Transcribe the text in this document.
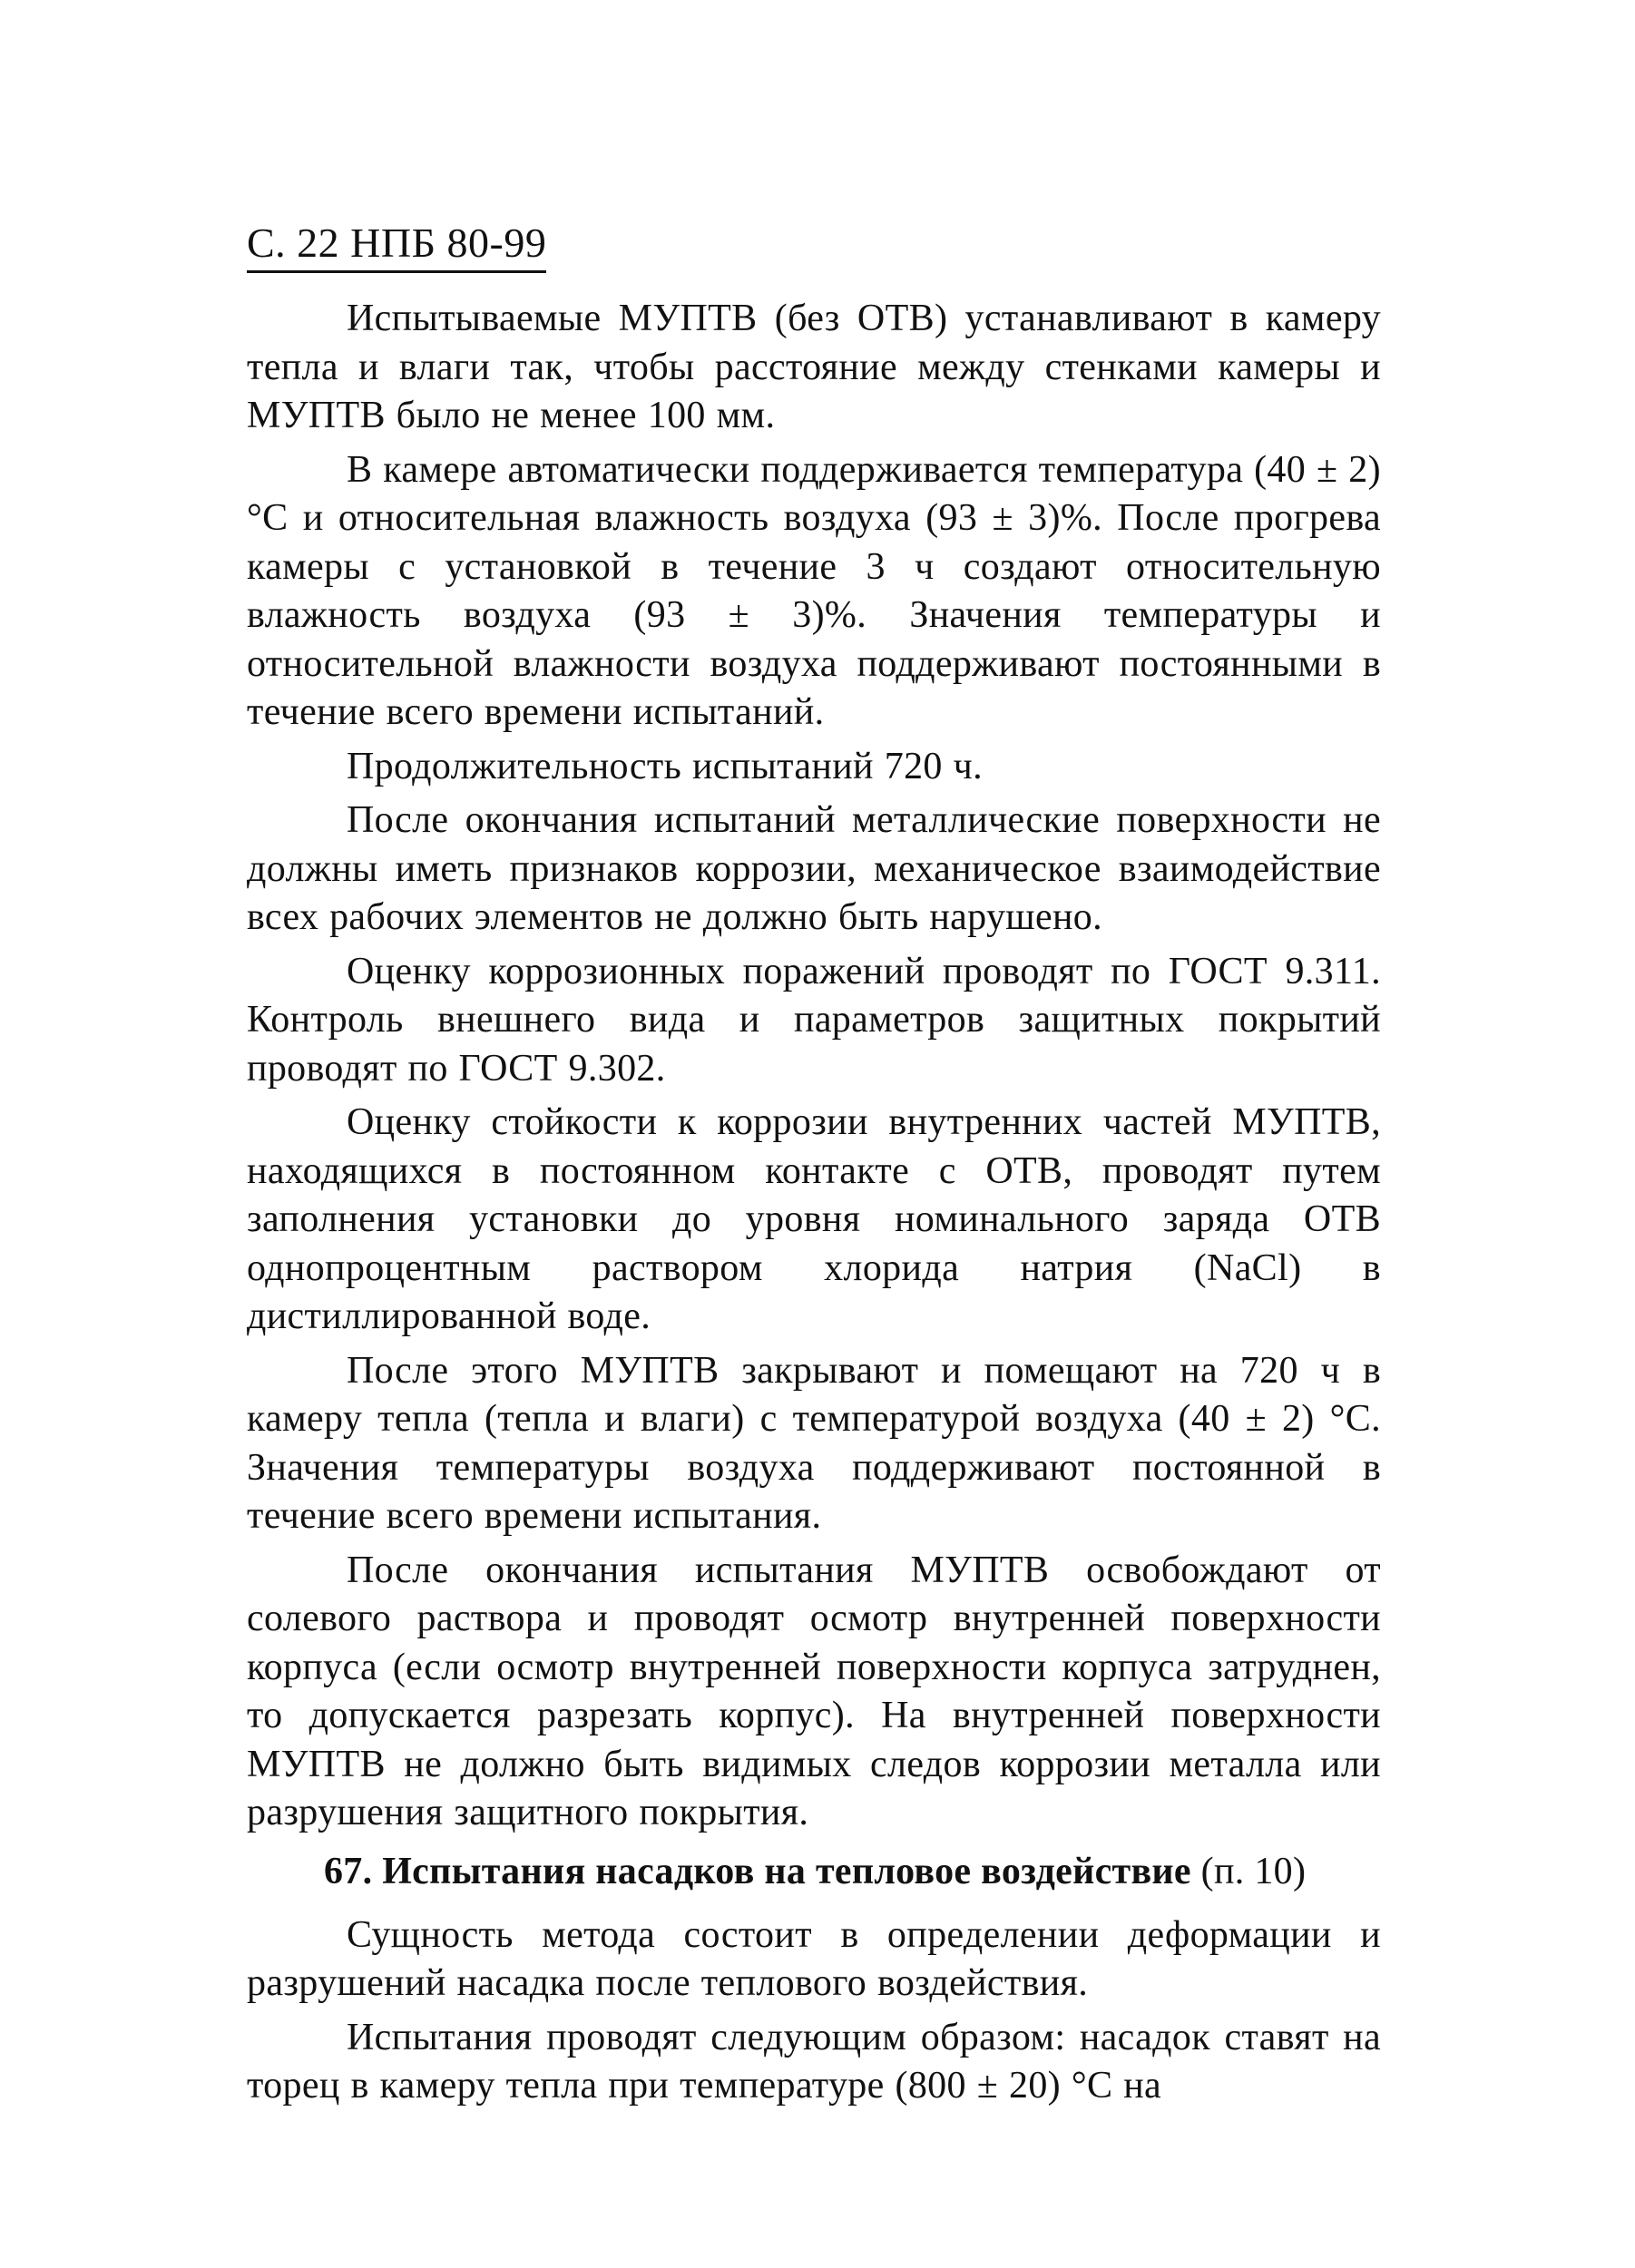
С. 22 НПБ 80-99

Испытываемые МУПТВ (без ОТВ) устанавливают в камеру тепла и влаги так, чтобы расстояние между стенками камеры и МУПТВ было не менее 100 мм.

В камере автоматически поддерживается температура (40 ± 2) °С и относительная влажность воздуха (93 ± 3)%. После прогрева камеры с установкой в течение 3 ч создают относительную влажность воздуха (93 ± 3)%. Значения температуры и относительной влажности воздуха поддерживают постоянными в течение всего времени испытаний.

Продолжительность испытаний 720 ч.

После окончания испытаний металлические поверхности не должны иметь признаков коррозии, механическое взаимодействие всех рабочих элементов не должно быть нарушено.

Оценку коррозионных поражений проводят по ГОСТ 9.311. Контроль внешнего вида и параметров защитных покрытий проводят по ГОСТ 9.302.

Оценку стойкости к коррозии внутренних частей МУПТВ, находящихся в постоянном контакте с ОТВ, проводят путем заполнения установки до уровня номинального заряда ОТВ однопроцентным раствором хлорида натрия (NaCl) в дистиллированной воде.

После этого МУПТВ закрывают и помещают на 720 ч в камеру тепла (тепла и влаги) с температурой воздуха (40 ± 2) °С. Значения температуры воздуха поддерживают постоянной в течение всего времени испытания.

После окончания испытания МУПТВ освобождают от солевого раствора и проводят осмотр внутренней поверхности корпуса (если осмотр внутренней поверхности корпуса затруднен, то допускается разрезать корпус). На внутренней поверхности МУПТВ не должно быть видимых следов коррозии металла или разрушения защитного покрытия.

67. Испытания насадков на тепловое воздействие (п. 10)

Сущность метода состоит в определении деформации и разрушений насадка после теплового воздействия.

Испытания проводят следующим образом: насадок ставят на торец в камеру тепла при температуре (800 ± 20) °С на
